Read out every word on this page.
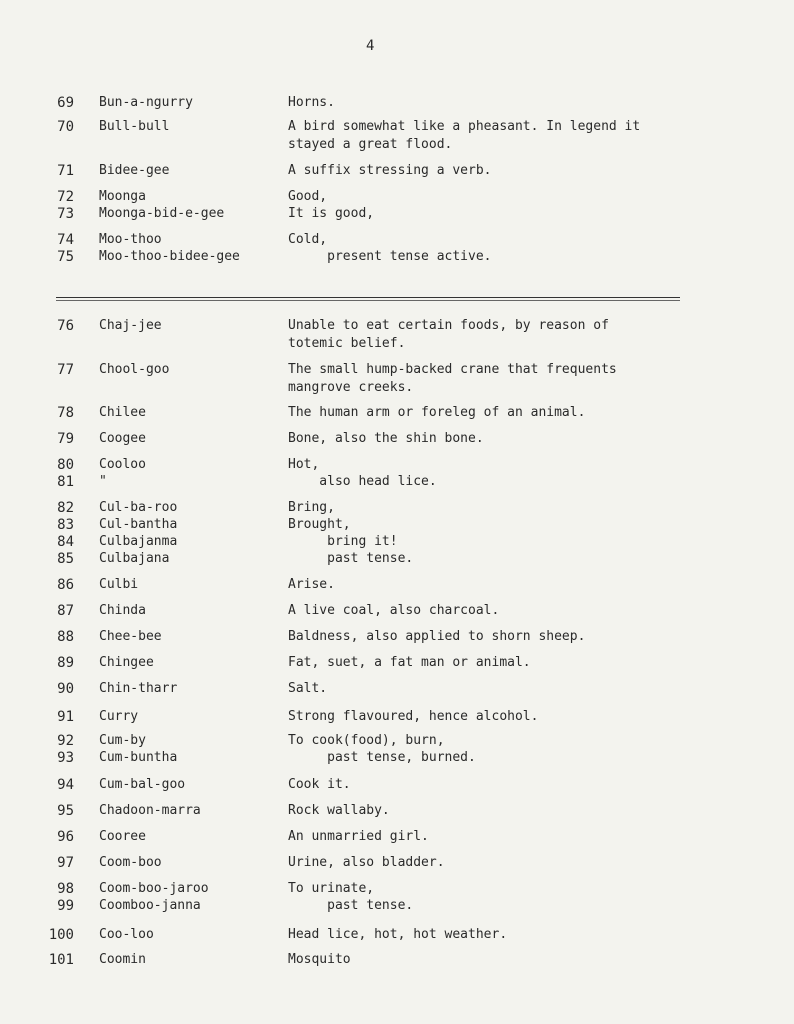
4
69 Bun-a-ngurry	Horns.
70 Bull-bull	A bird somewhat like a pheasant. In legend it
stayed a great flood.
71 Bidee-gee	A suffix stressing a verb.
72 Moonga	Good,
73 Moonga-bid-e-gee	It is good,
74 Moo-thoo	Cold,
75 Moo-thoo-bidee-gee	present tense active.
76 Chaj-jee	Unable to eat certain foods, by reason of
totemic belief.
77 Chool-goo	The small hump-backed crane that frequents
mangrove creeks.
78 Chilee	The human arm or foreleg of an animal.
79 Coogee	Bone, also the shin bone.
80 Cooloo	Hot,
81 "	also head lice.
82 Cul-ba-roo	Bring,
83 Cul-bantha	Brought,
84 Culbajanma	bring it!
85 Culbajana	past tense.
86 Culbi	Arise.
87 Chinda	A live coal, also charcoal.
88 Chee-bee	Baldness, also applied to shorn sheep.
89 Chingee	Fat, suet, a fat man or animal.
90 Chin-tharr	Salt.
91 Curry	Strong flavoured, hence alcohol.
92 Cum-by	To cook(food), burn,
93 Cum-buntha	past tense, burned.
94 Cum-bal-goo	Cook it.
95 Chadoon-marra	Rock wallaby.
96 Cooree	An unmarried girl.
97 Coom-boo	Urine, also bladder.
98 Coom-boo-jaroo	To urinate,
99 Coomboo-janna	past tense.
100 Coo-loo	Head lice, hot, hot weather.
101 Coomin	Mosquito
